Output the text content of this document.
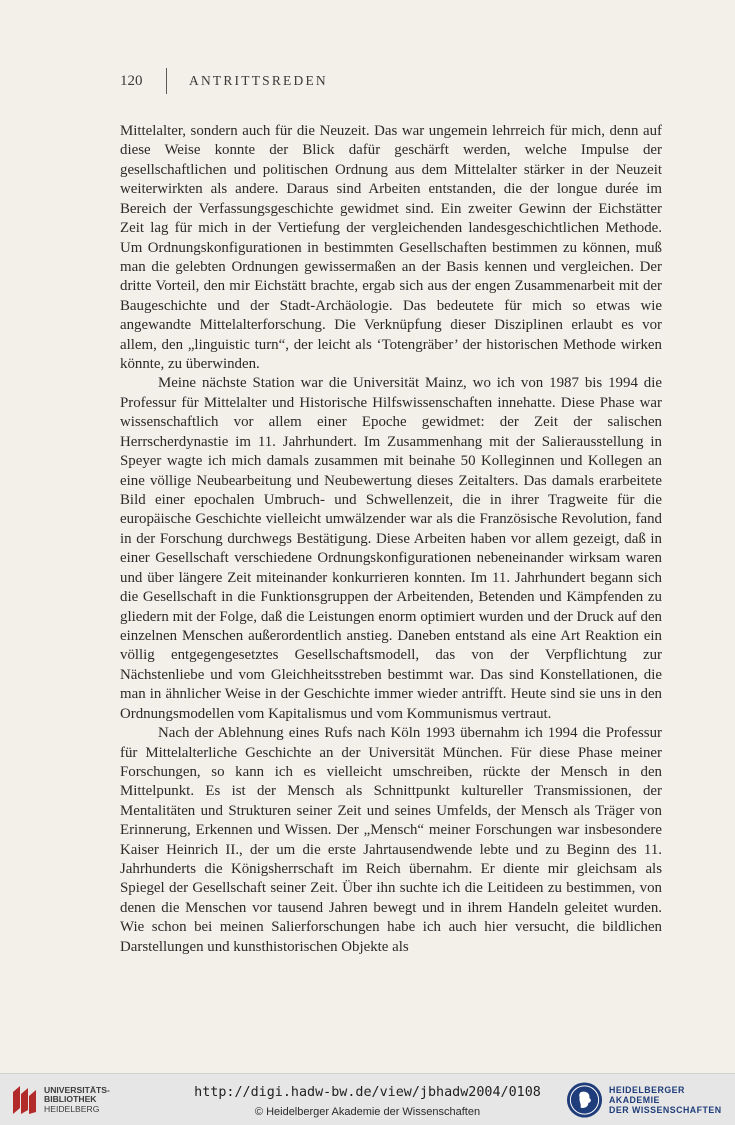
120	ANTRITTSREDEN

Mittelalter, sondern auch für die Neuzeit. Das war ungemein lehrreich für mich, denn auf diese Weise konnte der Blick dafür geschärft werden, welche Impulse der gesellschaftlichen und politischen Ordnung aus dem Mittelalter stärker in der Neuzeit weiterwirkten als andere. Daraus sind Arbeiten entstanden, die der longue durée im Bereich der Verfassungsgeschichte gewidmet sind. Ein zweiter Gewinn der Eichstätter Zeit lag für mich in der Vertiefung der vergleichenden landesgeschichtlichen Methode. Um Ordnungskonfigurationen in bestimmten Gesellschaften bestimmen zu können, muß man die gelebten Ordnungen gewissermaßen an der Basis kennen und vergleichen. Der dritte Vorteil, den mir Eichstätt brachte, ergab sich aus der engen Zusammenarbeit mit der Baugeschichte und der Stadt-Archäologie. Das bedeutete für mich so etwas wie angewandte Mittelalterforschung. Die Verknüpfung dieser Disziplinen erlaubt es vor allem, den „linguistic turn“, der leicht als ‘Totengräber’ der historischen Methode wirken könnte, zu überwinden.

Meine nächste Station war die Universität Mainz, wo ich von 1987 bis 1994 die Professur für Mittelalter und Historische Hilfswissenschaften innehatte. Diese Phase war wissenschaftlich vor allem einer Epoche gewidmet: der Zeit der salischen Herrscherdynastie im 11. Jahrhundert. Im Zusammenhang mit der Salierausstellung in Speyer wagte ich mich damals zusammen mit beinahe 50 Kolleginnen und Kollegen an eine völlige Neubearbeitung und Neubewertung dieses Zeitalters. Das damals erarbeitete Bild einer epochalen Umbruch- und Schwellenzeit, die in ihrer Tragweite für die europäische Geschichte vielleicht umwälzender war als die Französische Revolution, fand in der Forschung durchwegs Bestätigung. Diese Arbeiten haben vor allem gezeigt, daß in einer Gesellschaft verschiedene Ordnungskonfigurationen nebeneinander wirksam waren und über längere Zeit miteinander konkurrieren konnten. Im 11. Jahrhundert begann sich die Gesellschaft in die Funktionsgruppen der Arbeitenden, Betenden und Kämpfenden zu gliedern mit der Folge, daß die Leistungen enorm optimiert wurden und der Druck auf den einzelnen Menschen außerordentlich anstieg. Daneben entstand als eine Art Reaktion ein völlig entgegengesetztes Gesellschaftsmodell, das von der Verpflichtung zur Nächstenliebe und vom Gleichheitsstreben bestimmt war. Das sind Konstellationen, die man in ähnlicher Weise in der Geschichte immer wieder antrifft. Heute sind sie uns in den Ordnungsmodellen vom Kapitalismus und vom Kommunismus vertraut.

Nach der Ablehnung eines Rufs nach Köln 1993 übernahm ich 1994 die Professur für Mittelalterliche Geschichte an der Universität München. Für diese Phase meiner Forschungen, so kann ich es vielleicht umschreiben, rückte der Mensch in den Mittelpunkt. Es ist der Mensch als Schnittpunkt kultureller Transmissionen, der Mentalitäten und Strukturen seiner Zeit und seines Umfelds, der Mensch als Träger von Erinnerung, Erkennen und Wissen. Der „Mensch“ meiner Forschungen war insbesondere Kaiser Heinrich II., der um die erste Jahrtausendwende lebte und zu Beginn des 11. Jahrhunderts die Königsherrschaft im Reich übernahm. Er diente mir gleichsam als Spiegel der Gesellschaft seiner Zeit. Über ihn suchte ich die Leitideen zu bestimmen, von denen die Menschen vor tausend Jahren bewegt und in ihrem Handeln geleitet wurden. Wie schon bei meinen Salierforschungen habe ich auch hier versucht, die bildlichen Darstellungen und kunsthistorischen Objekte als

UNIVERSITÄTS-
BIBLIOTHEK
HEIDELBERG
http://digi.hadw-bw.de/view/jbhadw2004/0108
© Heidelberger Akademie der Wissenschaften
HEIDELBERGER AKADEMIE
DER WISSENSCHAFTEN
